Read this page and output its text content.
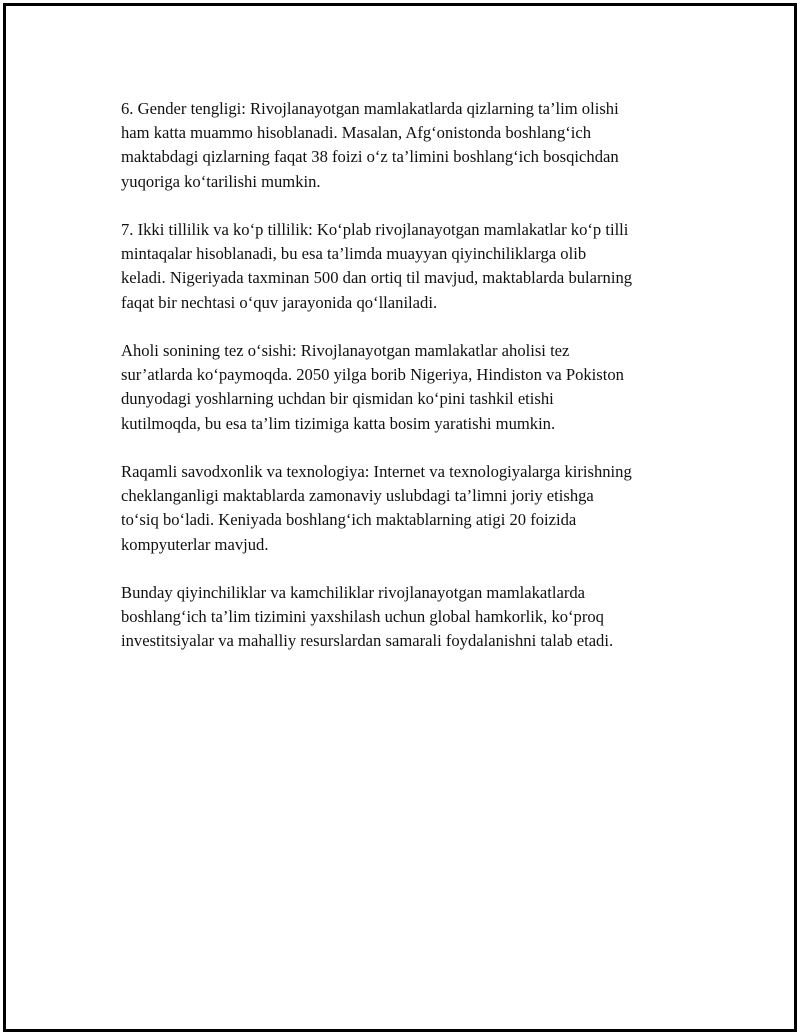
6. Gender tengligi: Rivojlanayotgan mamlakatlarda qizlarning ta’lim olishi
ham katta muammo hisoblanadi. Masalan, Afg‘onistonda boshlang‘ich
maktabdagi qizlarning faqat 38 foizi o‘z ta’limini boshlang‘ich bosqichdan
yuqoriga ko‘tarilishi mumkin.

7. Ikki tillilik va ko‘p tillilik: Ko‘plab rivojlanayotgan mamlakatlar ko‘p tilli
mintaqalar hisoblanadi, bu esa ta’limda muayyan qiyinchiliklarga olib
keladi. Nigeriyada taxminan 500 dan ortiq til mavjud, maktablarda bularning
faqat bir nechtasi o‘quv jarayonida qo‘llaniladi.

Aholi sonining tez o‘sishi: Rivojlanayotgan mamlakatlar aholisi tez
sur’atlarda ko‘paymoqda. 2050 yilga borib Nigeriya, Hindiston va Pokiston
dunyodagi yoshlarning uchdan bir qismidan ko‘pini tashkil etishi
kutilmoqda, bu esa ta’lim tizimiga katta bosim yaratishi mumkin.

Raqamli savodxonlik va texnologiya: Internet va texnologiyalarga kirishning
cheklanganligi maktablarda zamonaviy uslubdagi ta’limni joriy etishga
to‘siq bo‘ladi. Keniyada boshlang‘ich maktablarning atigi 20 foizida
kompyuterlar mavjud.

Bunday qiyinchiliklar va kamchiliklar rivojlanayotgan mamlakatlarda
boshlang‘ich ta’lim tizimini yaxshilash uchun global hamkorlik, ko‘proq
investitsiyalar va mahalliy resurslardan samarali foydalanishni talab etadi.
